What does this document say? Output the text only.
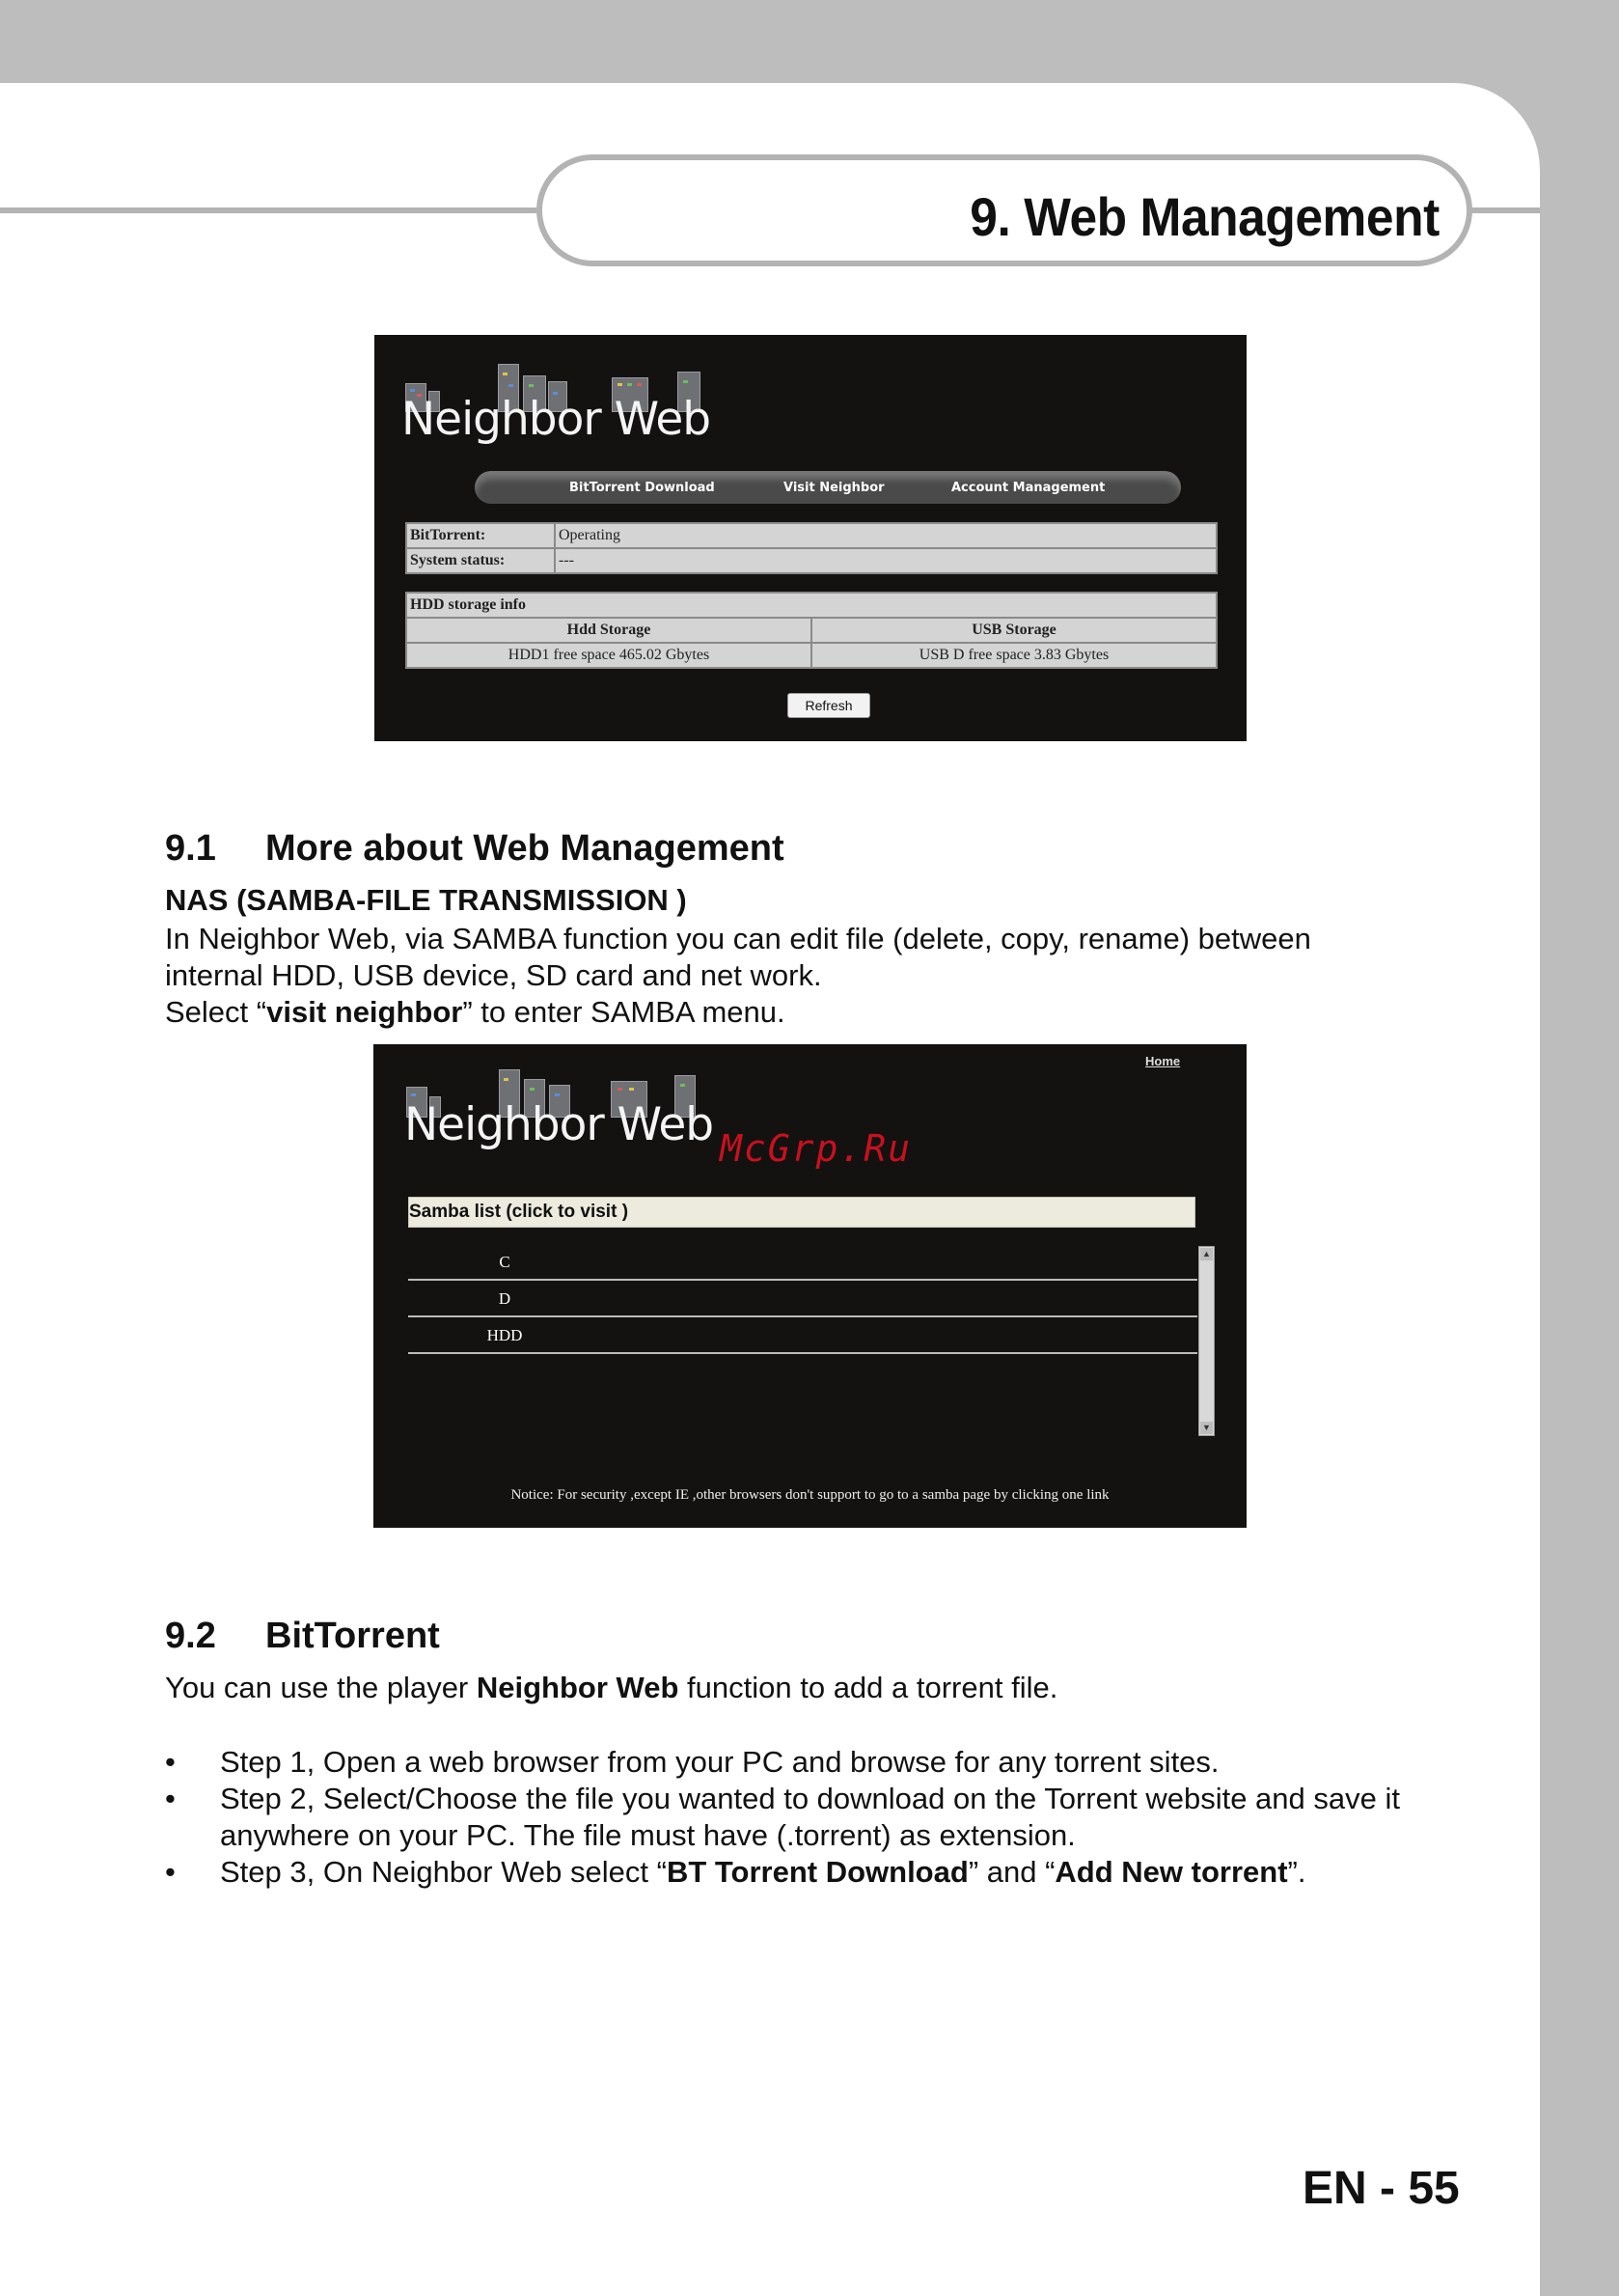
9. Web Management
Neighbor Web
BitTorrent Download	Visit Neighbor	Account Management
BitTorrent:	Operating
System status:	---
HDD storage info	
Hdd Storage	USB Storage
HDD1 free space 465.02 Gbytes	USB D free space 3.83 Gbytes
Refresh
9.1 More about Web Management
NAS (SAMBA-FILE TRANSMISSION )
In Neighbor Web, via SAMBA function you can edit file (delete, copy, rename) between
internal HDD, USB device, SD card and net work.
Select “visit neighbor” to enter SAMBA menu.
Home
Neighbor Web McGrp.Ru
Samba list (click to visit )
C
D
HDD
▲
▼
Notice: For security ,except IE ,other browsers don't support to go to a samba page by clicking one link
9.2 BitTorrent
You can use the player Neighbor Web function to add a torrent file.
• Step 1, Open a web browser from your PC and browse for any torrent sites.
• Step 2, Select/Choose the file you wanted to download on the Torrent website and save it
anywhere on your PC. The file must have (.torrent) as extension.
• Step 3, On Neighbor Web select “BT Torrent Download” and “Add New torrent”.
EN - 55
